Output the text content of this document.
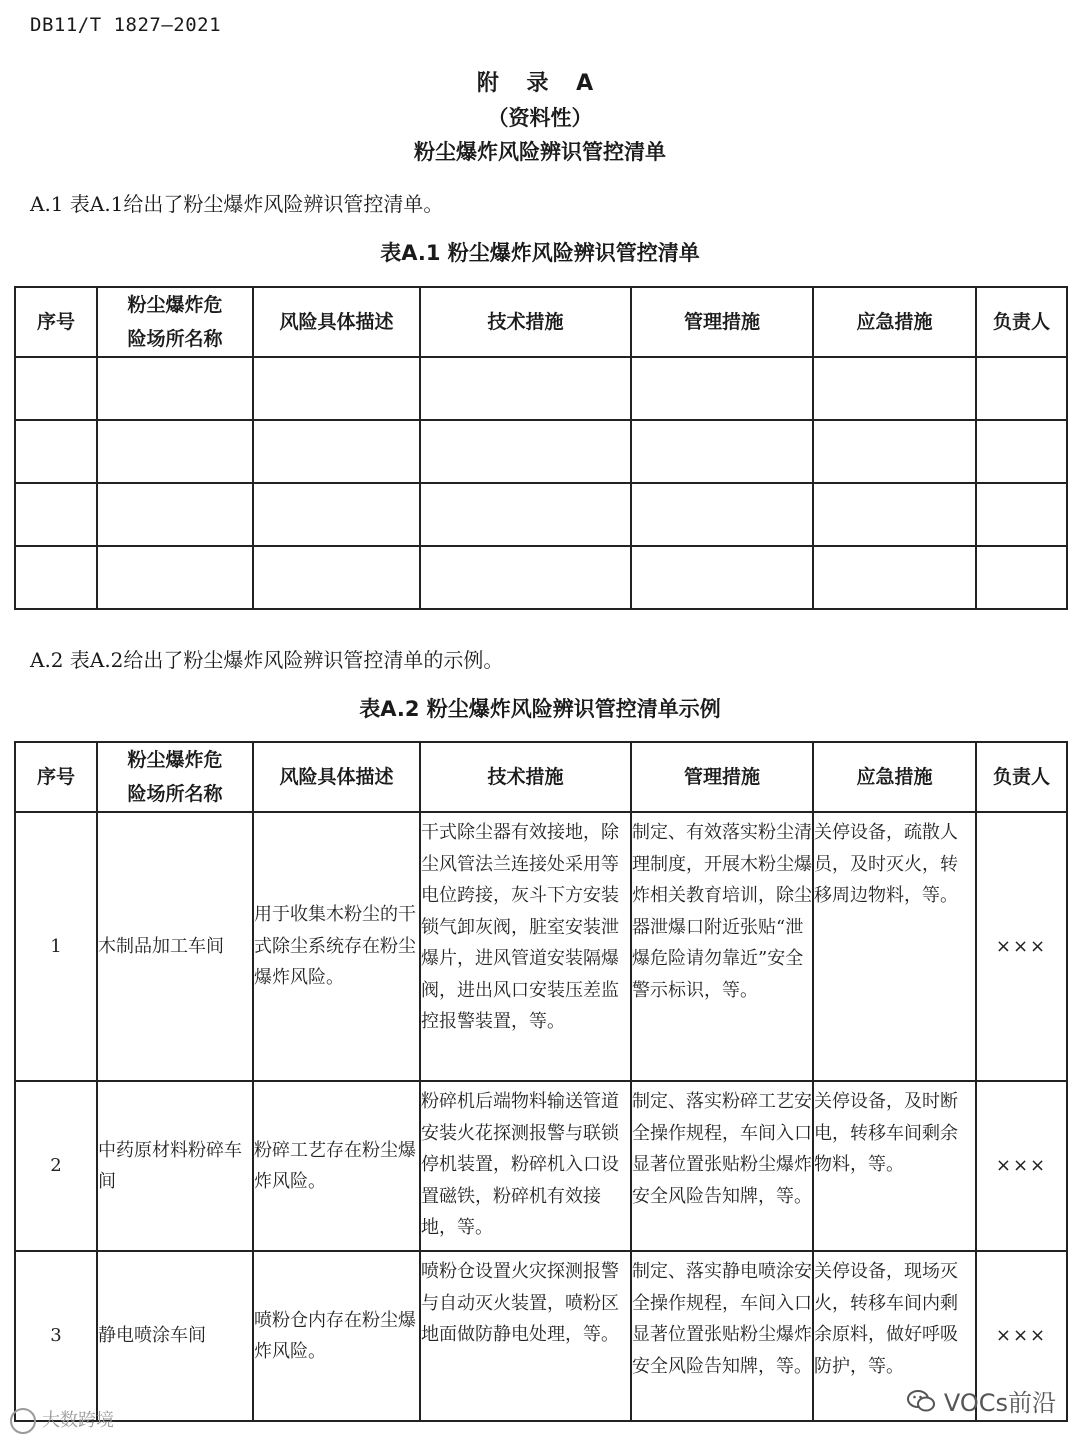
DB11/T 1827—2021
附 录 A
（资料性）
粉尘爆炸风险辨识管控清单
A.1 表A.1给出了粉尘爆炸风险辨识管控清单。
表A.1 粉尘爆炸风险辨识管控清单
序号	粉尘爆炸危险场所名称	风险具体描述	技术措施	管理措施	应急措施	负责人

A.2 表A.2给出了粉尘爆炸风险辨识管控清单的示例。
表A.2 粉尘爆炸风险辨识管控清单示例
序号	粉尘爆炸危险场所名称	风险具体描述	技术措施	管理措施	应急措施	负责人
1	木制品加工车间	用于收集木粉尘的干式除尘系统存在粉尘爆炸风险。	干式除尘器有效接地，除尘风管法兰连接处采用等电位跨接，灰斗下方安装锁气卸灰阀，脏室安装泄爆片，进风管道安装隔爆阀，进出风口安装压差监控报警装置，等。	制定、有效落实粉尘清理制度，开展木粉尘爆炸相关教育培训，除尘器泄爆口附近张贴“泄爆危险请勿靠近”安全警示标识，等。	关停设备，疏散人员，及时灭火，转移周边物料，等。	×××
2	中药原材料粉碎车间	粉碎工艺存在粉尘爆炸风险。	粉碎机后端物料输送管道安装火花探测报警与联锁停机装置，粉碎机入口设置磁铁，粉碎机有效接地，等。	制定、落实粉碎工艺安全操作规程，车间入口显著位置张贴粉尘爆炸安全风险告知牌，等。	关停设备，及时断电，转移车间剩余物料，等。	×××
3	静电喷涂车间	喷粉仓内存在粉尘爆炸风险。	喷粉仓设置火灾探测报警与自动灭火装置，喷粉区地面做防静电处理，等。	制定、落实静电喷涂安全操作规程，车间入口显著位置张贴粉尘爆炸安全风险告知牌，等。	关停设备，现场灭火，转移车间内剩余原料，做好呼吸防护，等。	×××
大数跨境
VOCs前沿
